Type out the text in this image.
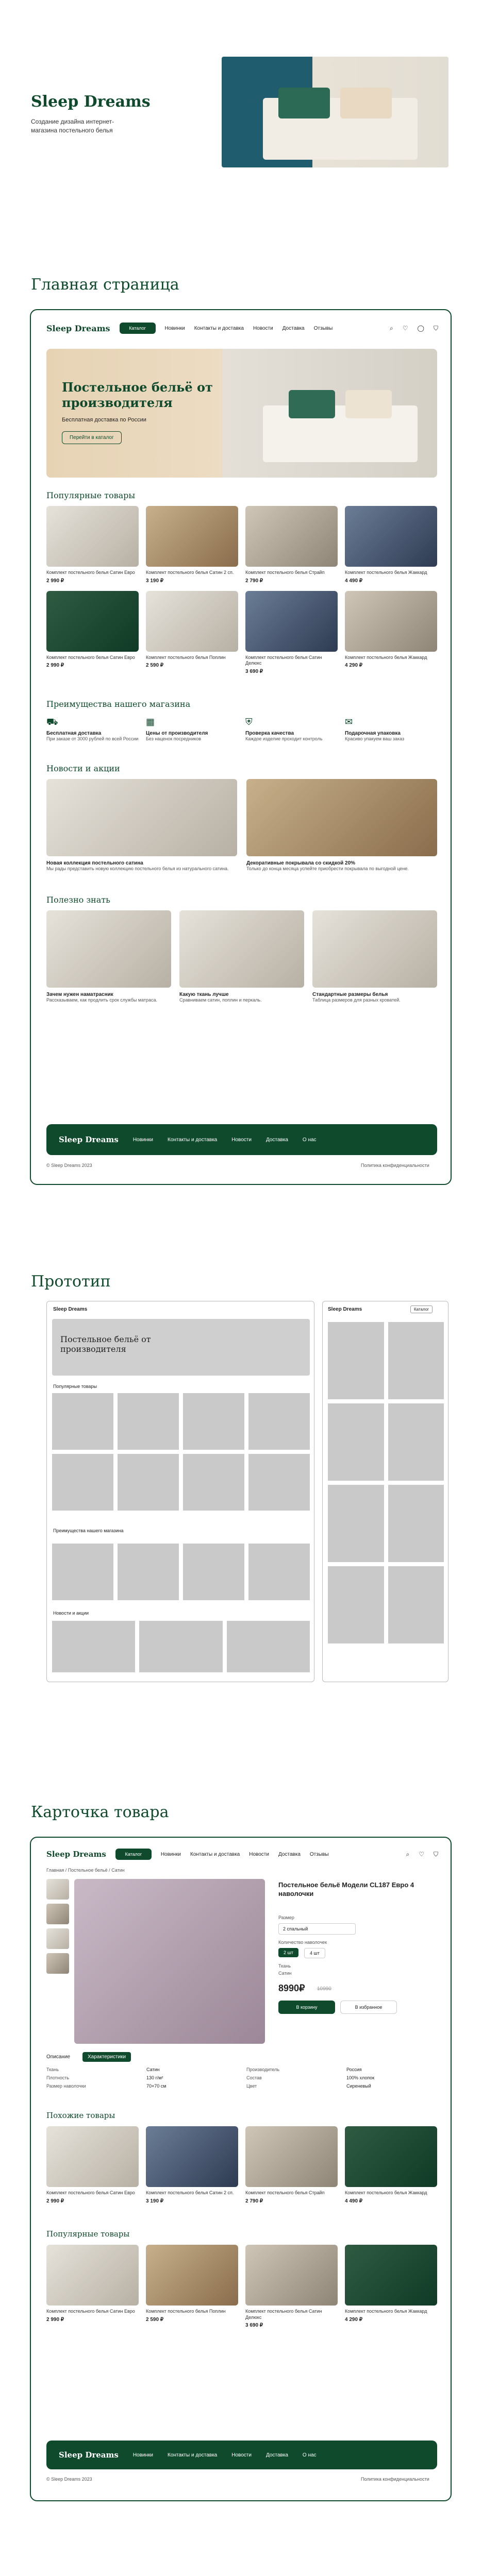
Sleep Dreams
Создание дизайна интернет-магазина постельного белья
Главная страница
Sleep Dreams	Каталог	Новинки Контакты и доставка Новости Доставка Отзывы	⌕ ♡ ◯ ⛉
Постельное бельё от производителя
Бесплатная доставка по России
Перейти в каталог
Популярные товары
Комплект постельного белья Сатин Евро
2 990 ₽
Комплект постельного белья Сатин 2 сп.
3 190 ₽
Комплект постельного белья Страйп
2 790 ₽
Комплект постельного белья Жаккард
4 490 ₽
Комплект постельного белья Сатин Евро
2 990 ₽
Комплект постельного белья Поплин
2 590 ₽
Комплект постельного белья Сатин Делюкс
3 690 ₽
Комплект постельного белья Жаккард
4 290 ₽
Преимущества нашего магазина
⛟
Бесплатная доставка
При заказе от 3000 рублей по всей России
▦
Цены от производителя
Без наценок посредников
⛨
Проверка качества
Каждое изделие проходит контроль
✉
Подарочная упаковка
Красиво упакуем ваш заказ
Новости и акции
Новая коллекция постельного сатина
Мы рады представить новую коллекцию постельного белья из натурального сатина.
Декоративные покрывала со скидкой 20%
Только до конца месяца успейте приобрести покрывала по выгодной цене.
Полезно знать
Зачем нужен наматрасник
Рассказываем, как продлить срок службы матраса.
Какую ткань лучше
Сравниваем сатин, поплин и перкаль.
Стандартные размеры белья
Таблица размеров для разных кроватей.
Sleep Dreams	Новинки	Контакты и доставка	Новости	Доставка	О нас
© Sleep Dreams 2023	Политика конфиденциальности
Прототип
Sleep Dreams
Постельное бельё от производителя
Популярные товары
Преимущества нашего магазина
Новости и акции
Sleep Dreams	Каталог
Карточка товара
Sleep Dreams	Каталог	Новинки Контакты и доставка Новости Доставка Отзывы	⌕ ♡ ⛉
Главная / Постельное бельё / Сатин
Постельное бельё Модели CL187 Евро 4 наволочки
Размер
2 спальный
Количество наволочек
2 шт	4 шт
Ткань
Сатин
8990₽ 10990
В корзину	В избранное
Описание	Характеристики
Ткань	Сатин	Производитель	Россия
Плотность	130 г/м²	Состав	100% хлопок
Размер наволочки	70×70 см	Цвет	Сиреневый
Похожие товары
Комплект постельного белья Сатин Евро
2 990 ₽
Комплект постельного белья Сатин 2 сп.
3 190 ₽
Комплект постельного белья Страйп
2 790 ₽
Комплект постельного белья Жаккард
4 490 ₽
Популярные товары
Комплект постельного белья Сатин Евро
2 990 ₽
Комплект постельного белья Поплин
2 590 ₽
Комплект постельного белья Сатин Делюкс
3 690 ₽
Комплект постельного белья Жаккард
4 290 ₽
Sleep Dreams	Новинки	Контакты и доставка	Новости	Доставка	О нас
© Sleep Dreams 2023	Политика конфиденциальности
